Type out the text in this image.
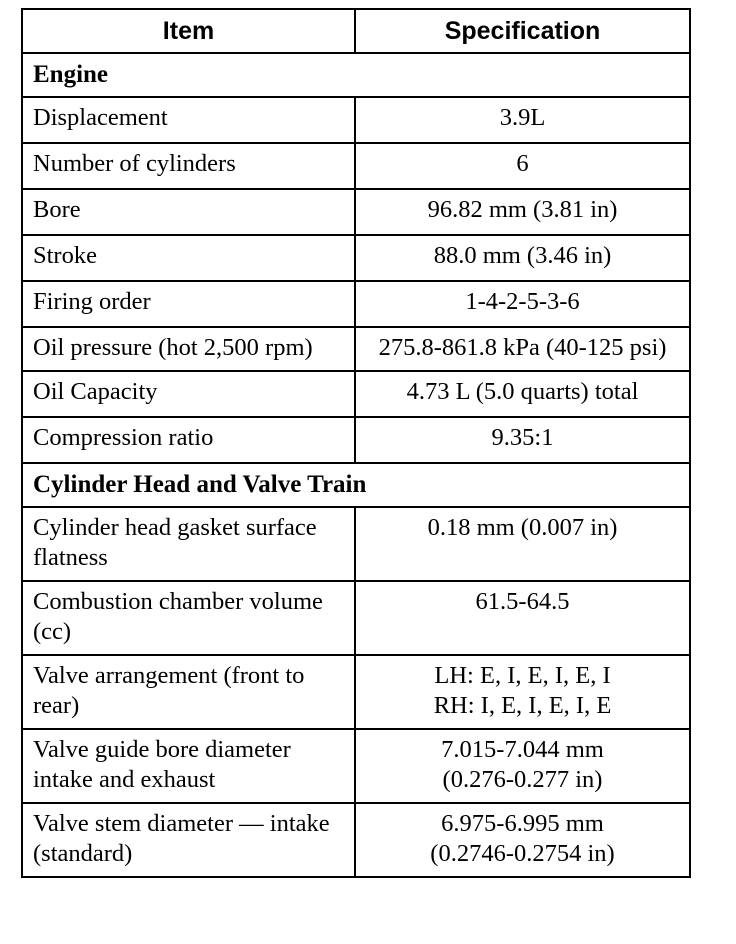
Item	Specification
Engine	
Displacement	3.9L

Number of cylinders	6

Bore	96.82 mm (3.81 in)

Stroke	88.0 mm (3.46 in)

Firing order	1-4-2-5-3-6

Oil pressure (hot 2,500 rpm)	275.8-861.8 kPa (40-125 psi)

Oil Capacity	4.73 L (5.0 quarts) total

Compression ratio	9.35:1

Cylinder Head and Valve Train	
Cylinder head gasket surface flatness	0.18 mm (0.007 in)

Combustion chamber volume (cc)	61.5-64.5

Valve arrangement (front to rear)	LH: E, I, E, I, E, I
RH: I, E, I, E, I, E

Valve guide bore diameter intake and exhaust	7.015-7.044 mm
(0.276-0.277 in)

Valve stem diameter — intake (standard)	6.975-6.995 mm
(0.2746-0.2754 in)
